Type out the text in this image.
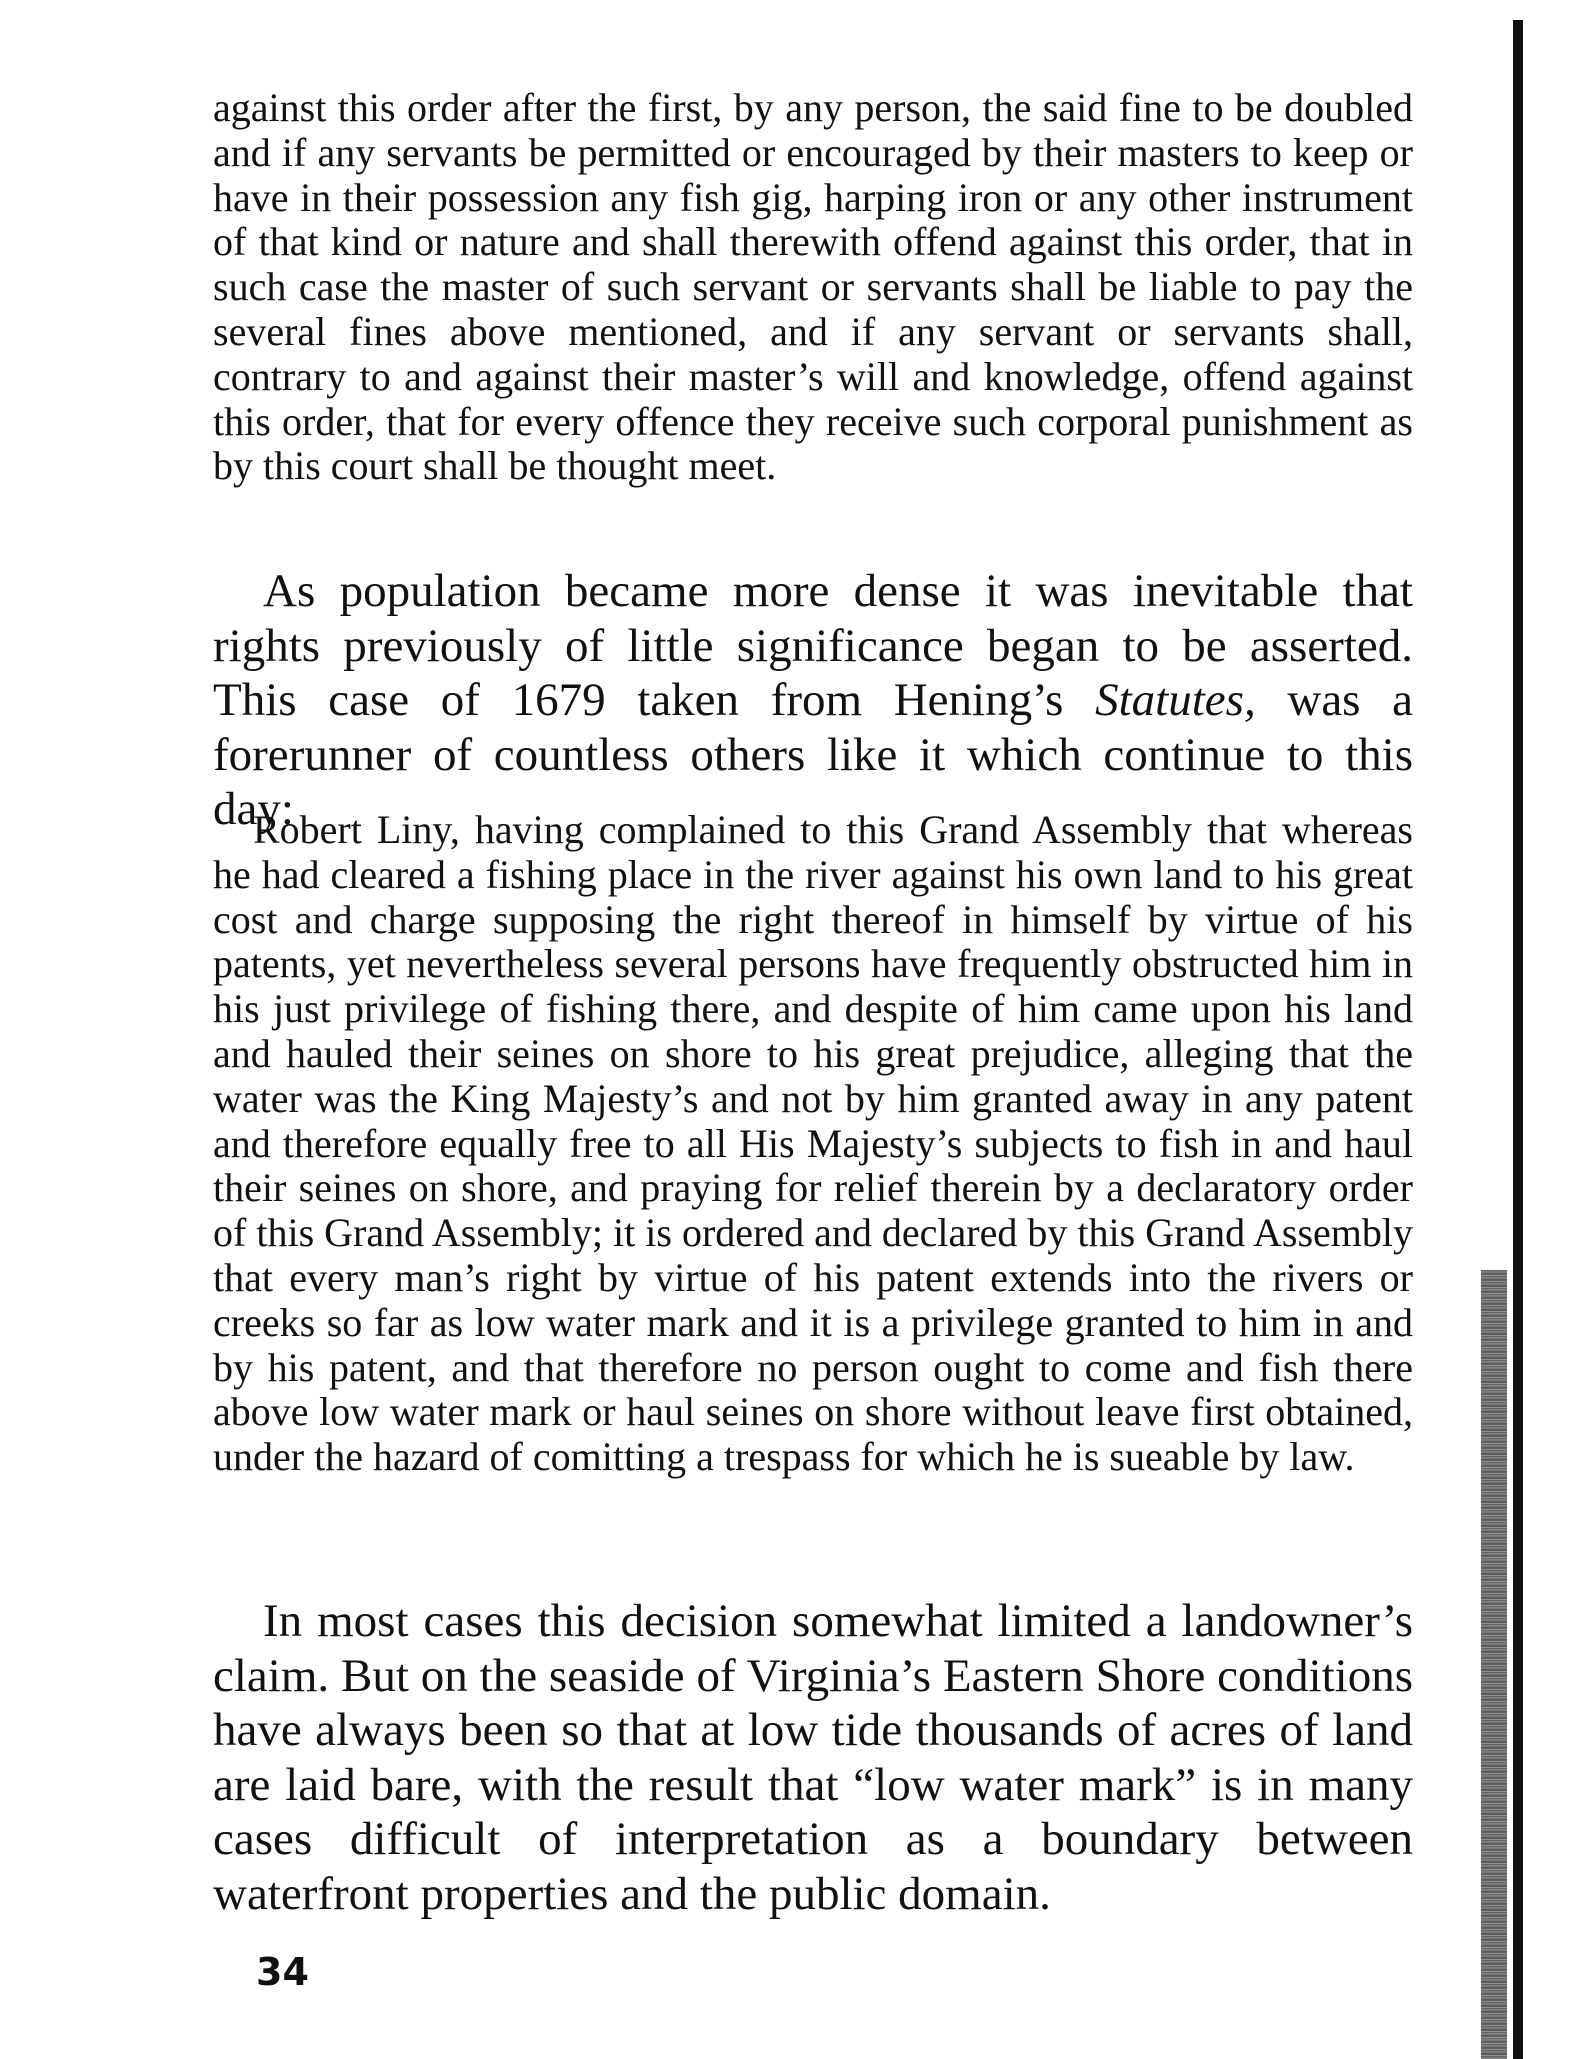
against this order after the first, by any person, the said fine to be doubled and if any servants be permitted or encouraged by their masters to keep or have in their possession any fish gig, harping iron or any other instrument of that kind or nature and shall therewith offend against this order, that in such case the master of such servant or servants shall be liable to pay the several fines above mentioned, and if any servant or servants shall, contrary to and against their master’s will and knowledge, offend against this order, that for every offence they receive such corporal punishment as by this court shall be thought meet.
As population became more dense it was inevitable that rights previously of little significance began to be asserted. This case of 1679 taken from Hening’s Statutes, was a forerunner of countless others like it which continue to this day:
Robert Liny, having complained to this Grand Assembly that whereas he had cleared a fishing place in the river against his own land to his great cost and charge supposing the right thereof in himself by virtue of his patents, yet nevertheless several persons have frequently obstructed him in his just privilege of fishing there, and despite of him came upon his land and hauled their seines on shore to his great prejudice, alleging that the water was the King Majesty’s and not by him granted away in any patent and therefore equally free to all His Majesty’s subjects to fish in and haul their seines on shore, and praying for relief therein by a declaratory order of this Grand Assembly; it is ordered and declared by this Grand Assembly that every man’s right by virtue of his patent extends into the rivers or creeks so far as low water mark and it is a privilege granted to him in and by his patent, and that therefore no person ought to come and fish there above low water mark or haul seines on shore without leave first obtained, under the hazard of comitting a trespass for which he is sueable by law.
In most cases this decision somewhat limited a landowner’s claim. But on the seaside of Virginia’s Eastern Shore conditions have always been so that at low tide thousands of acres of land are laid bare, with the result that “low water mark” is in many cases difficult of interpretation as a boundary between waterfront properties and the public domain.
34
